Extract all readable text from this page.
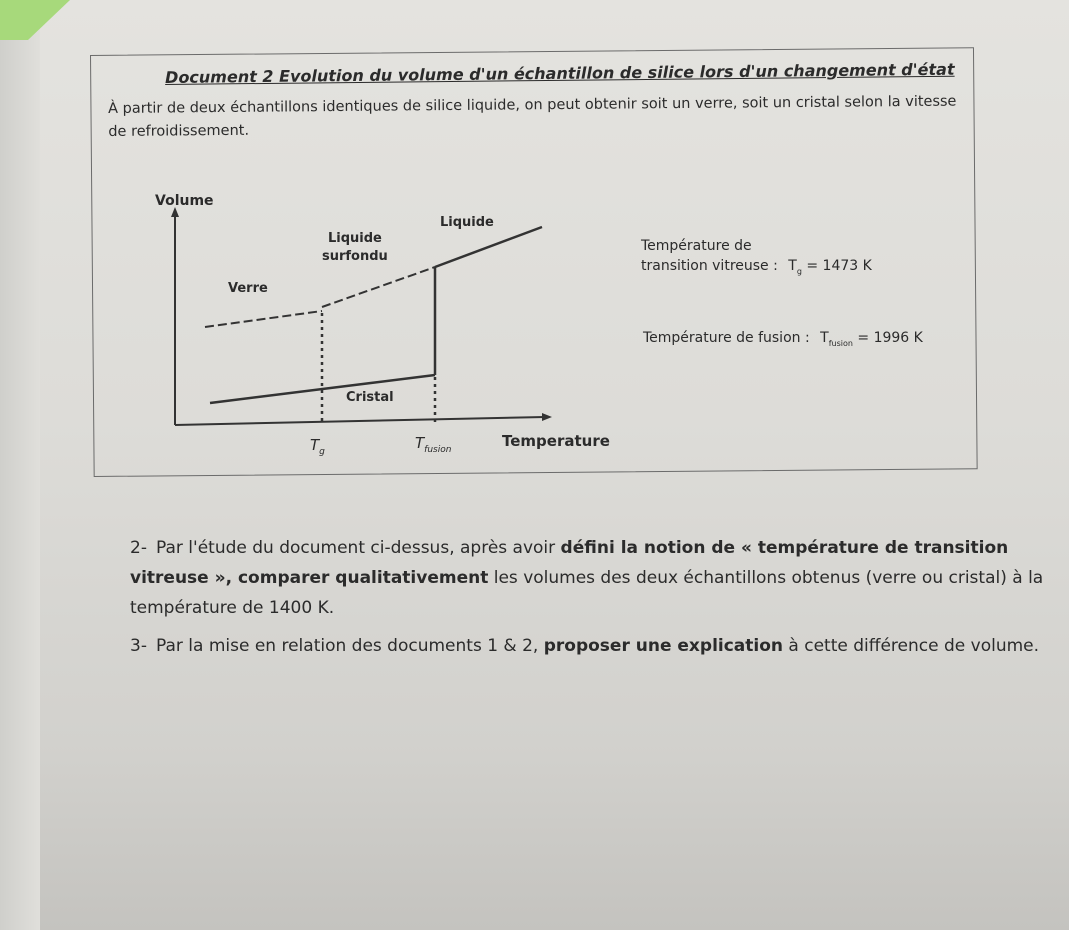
Document 2 Evolution du volume d'un échantillon de silice lors d'un changement d'état
À partir de deux échantillons identiques de silice liquide, on peut obtenir soit un verre, soit un cristal selon la vitesse de refroidissement.
Volume
Liquide
surfondu
Liquide
Verre
Cristal
$T_g$	$T_{fusion}$	Temperature
Température de
transition vitreuse : $T_g = 1473$ K
Température de fusion : $T_{fusion} = 1996$ K
2- Par l'étude du document ci-dessus, après avoir défini la notion de « température de transition vitreuse », comparer qualitativement les volumes des deux échantillons obtenus (verre ou cristal) à la température de 1400 K.
3- Par la mise en relation des documents 1 & 2, proposer une explication à cette différence de volume.
